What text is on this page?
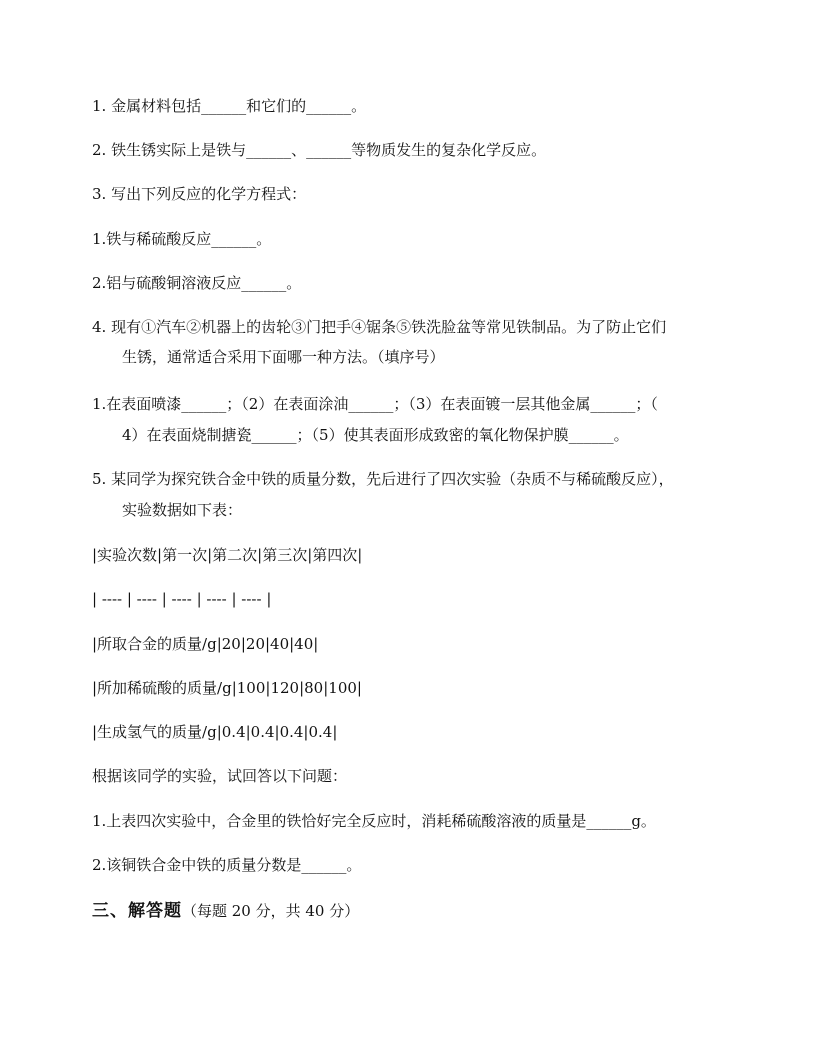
1. 金属材料包括______和它们的______。
2. 铁生锈实际上是铁与______、______等物质发生的复杂化学反应。
3. 写出下列反应的化学方程式：
1.铁与稀硫酸反应______。
2.铝与硫酸铜溶液反应______。
4. 现有①汽车②机器上的齿轮③门把手④锯条⑤铁洗脸盆等常见铁制品。为了防止它们
生锈，通常适合采用下面哪一种方法。（填序号）
1.在表面喷漆______；（2）在表面涂油______；（3）在表面镀一层其他金属______；（
4）在表面烧制搪瓷______；（5）使其表面形成致密的氧化物保护膜______。
5. 某同学为探究铁合金中铁的质量分数，先后进行了四次实验（杂质不与稀硫酸反应），
实验数据如下表：
|实验次数|第一次|第二次|第三次|第四次|
| ---- | ---- | ---- | ---- | ---- |
|所取合金的质量/g|20|20|40|40|
|所加稀硫酸的质量/g|100|120|80|100|
|生成氢气的质量/g|0.4|0.4|0.4|0.4|
根据该同学的实验，试回答以下问题：
1.上表四次实验中，合金里的铁恰好完全反应时，消耗稀硫酸溶液的质量是______g。
2.该铜铁合金中铁的质量分数是______。
三、解答题（每题 20 分，共 40 分）
